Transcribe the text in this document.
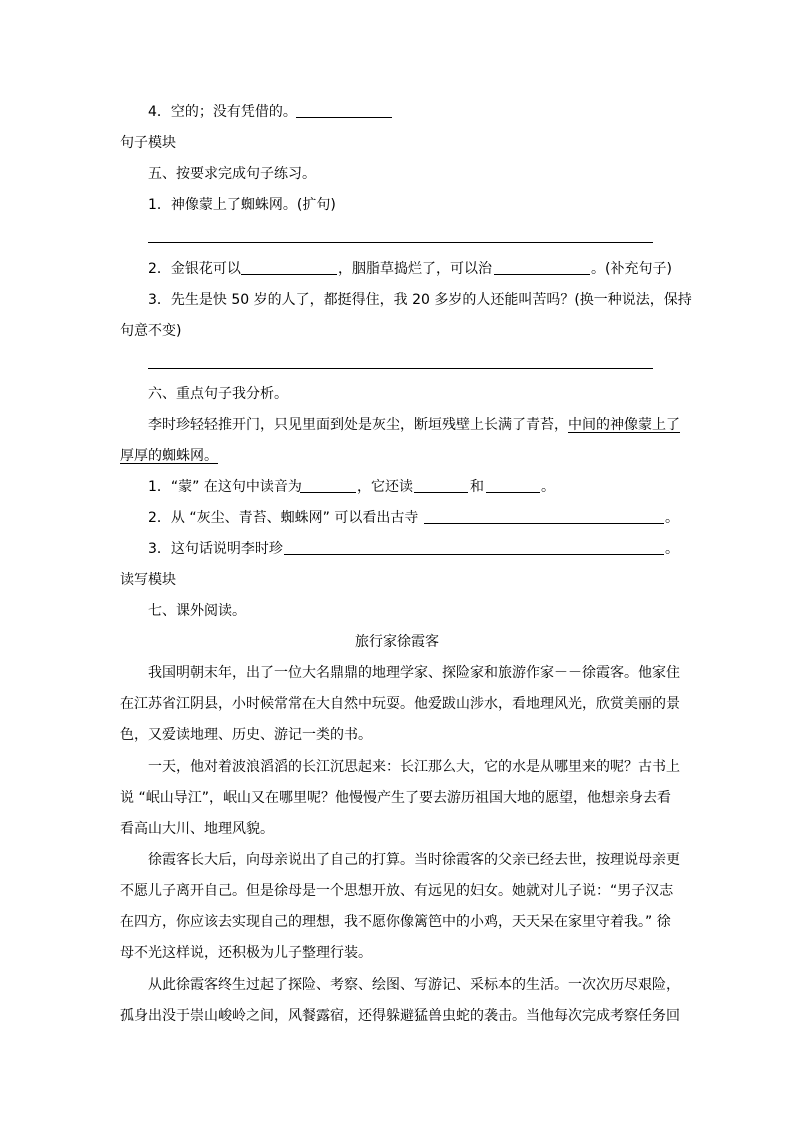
4．空的；没有凭借的。
句子模块
五、按要求完成句子练习。
1．神像蒙上了蜘蛛网。(扩句)
2．金银花可以	，胭脂草捣烂了，可以治	。(补充句子)
3．先生是快 50 岁的人了，都挺得住，我 20 多岁的人还能叫苦吗？(换一种说法，保持
句意不变)
六、重点句子我分析。
李时珍轻轻推开门，只见里面到处是灰尘，断垣残壁上长满了青苔，中间的神像蒙上了
厚厚的蜘蛛网。
1．“蒙” 在这句中读音为	，它还读	和	。
2．从 “灰尘、青苔、蜘蛛网” 可以看出古寺	。
3．这句话说明李时珍	。
读写模块
七、课外阅读。
旅行家徐霞客
我国明朝末年，出了一位大名鼎鼎的地理学家、探险家和旅游作家－－徐霞客。他家住
在江苏省江阴县，小时候常常在大自然中玩耍。他爱跋山涉水，看地理风光，欣赏美丽的景
色，又爱读地理、历史、游记一类的书。
一天，他对着波浪滔滔的长江沉思起来：长江那么大，它的水是从哪里来的呢？古书上
说 “岷山导江”，岷山又在哪里呢？他慢慢产生了要去游历祖国大地的愿望，他想亲身去看
看高山大川、地理风貌。
徐霞客长大后，向母亲说出了自己的打算。当时徐霞客的父亲已经去世，按理说母亲更
不愿儿子离开自己。但是徐母是一个思想开放、有远见的妇女。她就对儿子说：“男子汉志
在四方，你应该去实现自己的理想，我不愿你像篱笆中的小鸡，天天呆在家里守着我。” 徐
母不光这样说，还积极为儿子整理行装。
从此徐霞客终生过起了探险、考察、绘图、写游记、采标本的生活。一次次历尽艰险，
孤身出没于崇山峻岭之间，风餐露宿，还得躲避猛兽虫蛇的袭击。当他每次完成考察任务回
